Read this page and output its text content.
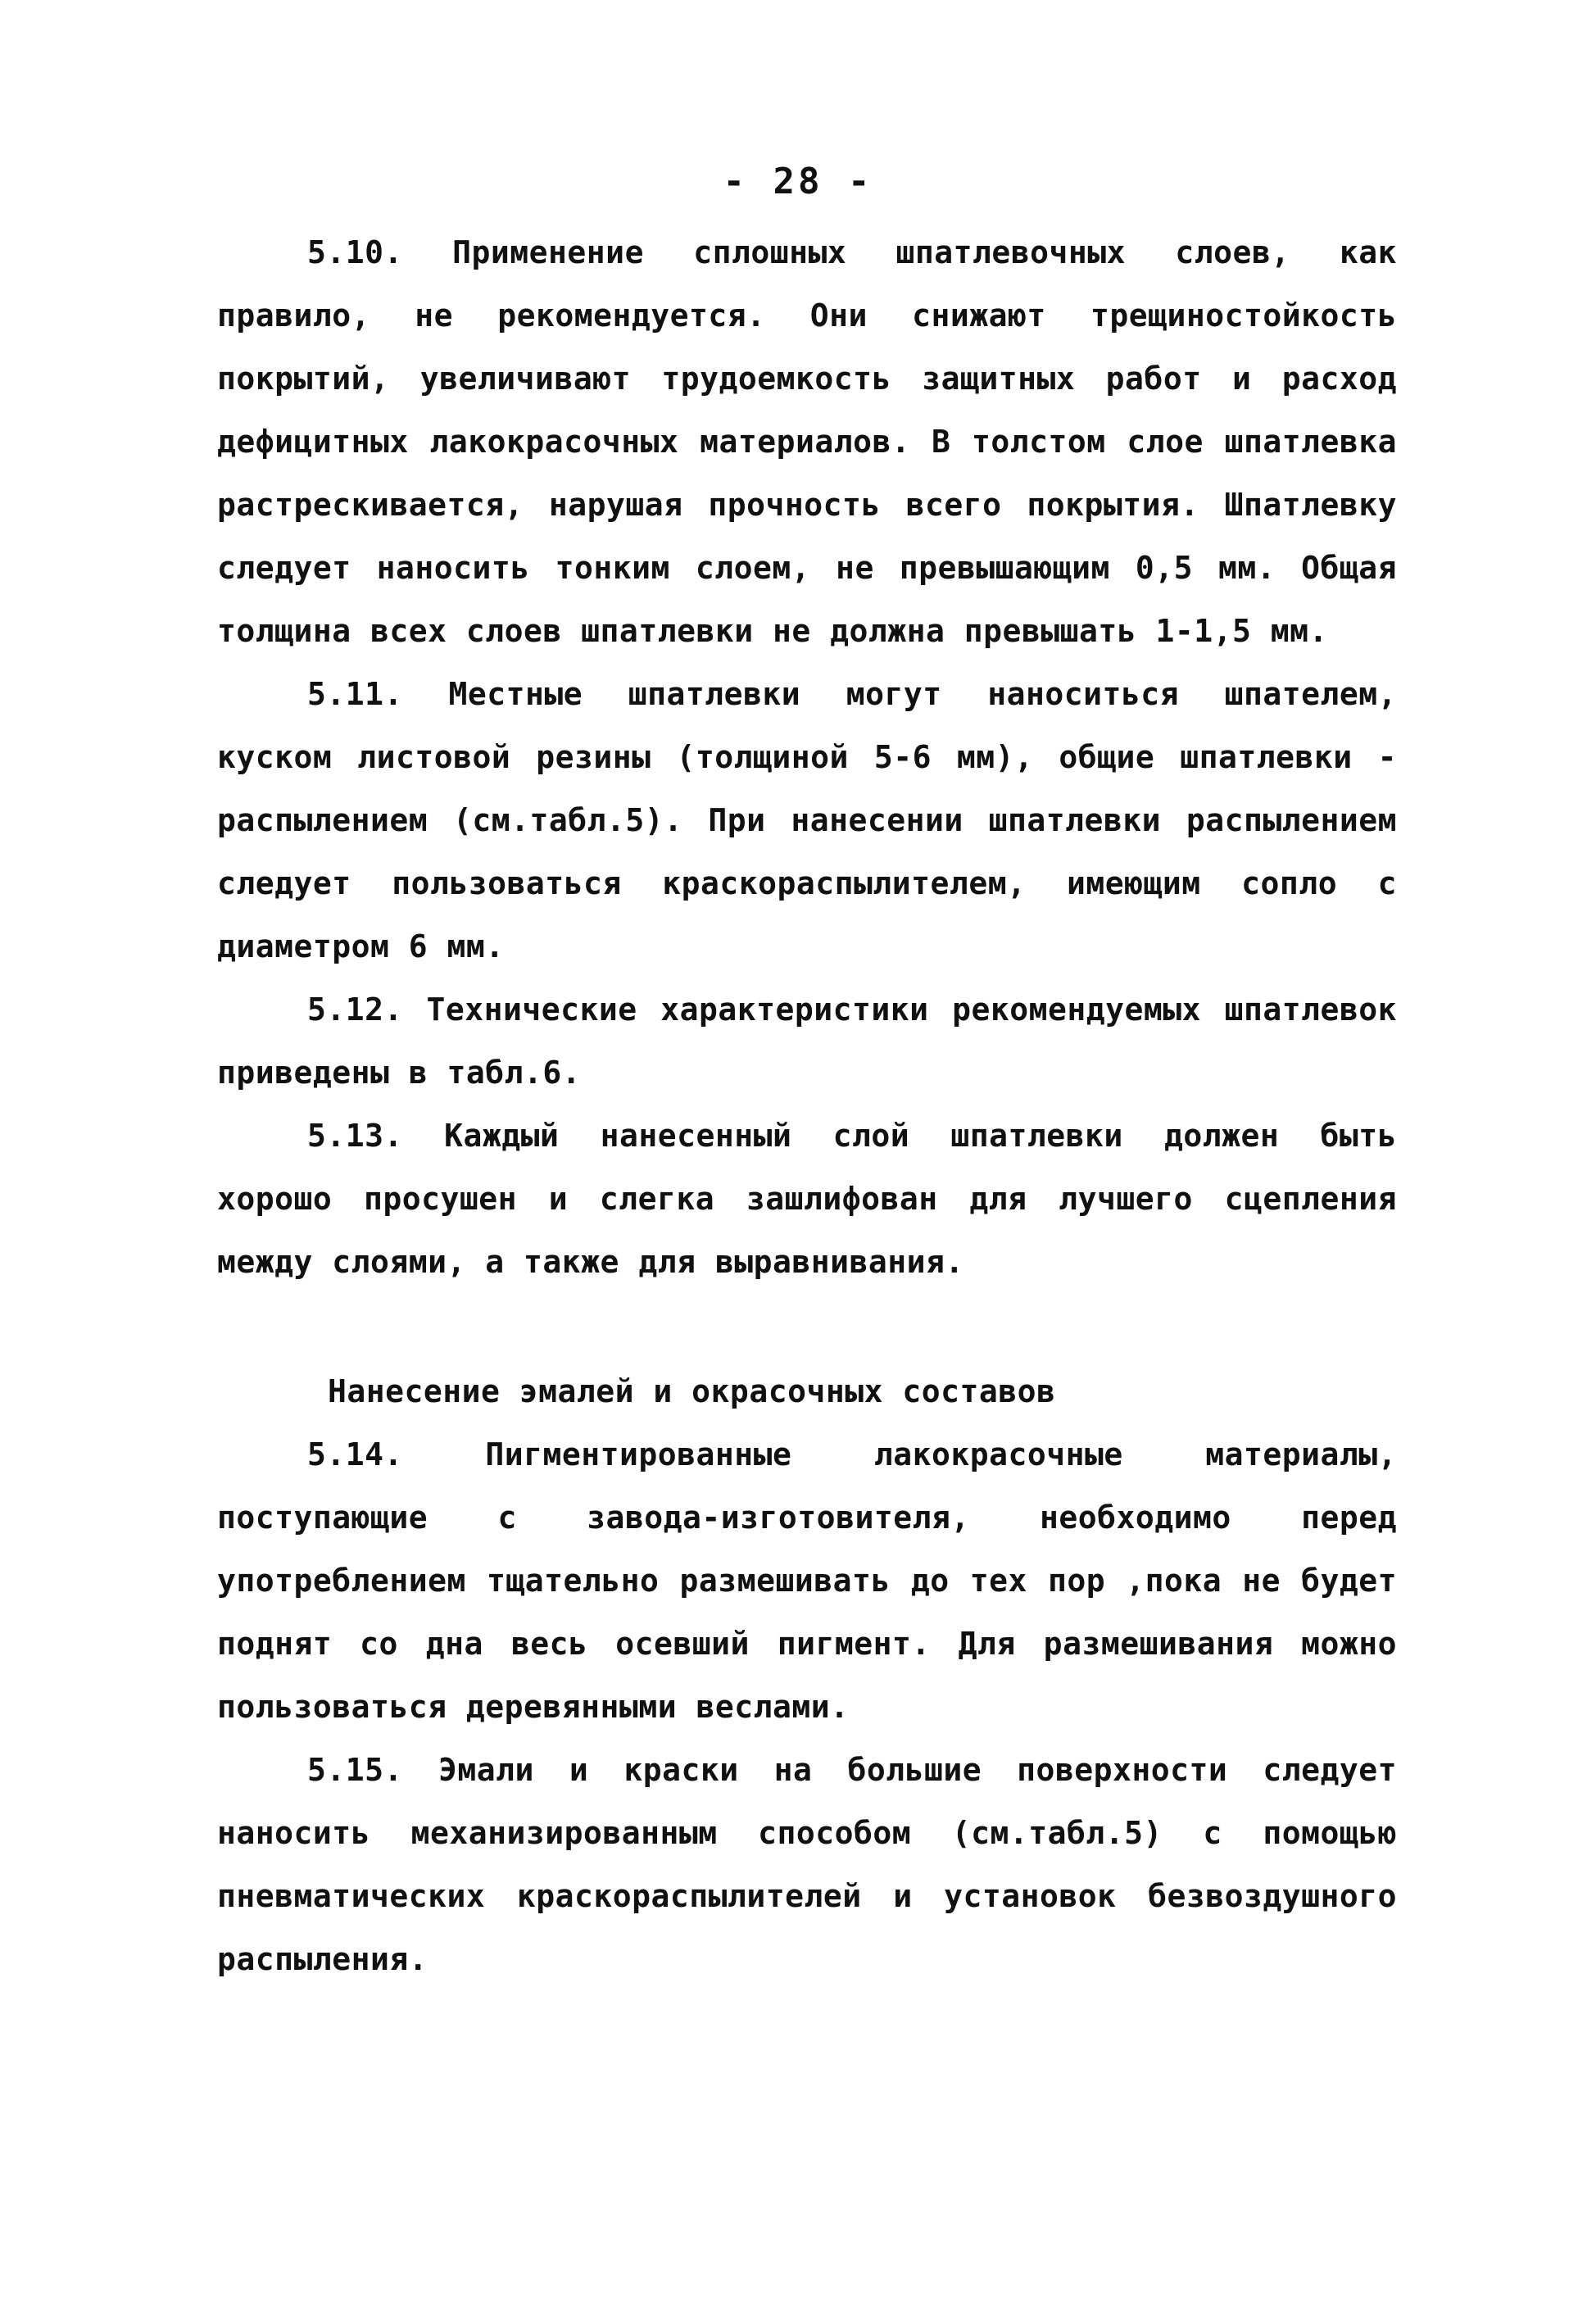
- 28 -

5.10. Применение сплошных шпатлевочных слоев, как правило, не рекомендуется. Они снижают трещиностойкость покрытий, увеличивают трудоемкость защитных работ и расход дефицитных лакокрасочных материалов. В толстом слое шпатлевка растрескивается, нарушая прочность всего покрытия. Шпатлевку следует наносить тонким слоем, не превышающим 0,5 мм. Общая толщина всех слоев шпатлевки не должна превышать 1-1,5 мм.

5.11. Местные шпатлевки могут наноситься шпателем, куском листовой резины (толщиной 5-6 мм), общие шпатлевки - распылением (см.табл.5). При нанесении шпатлевки распылением следует пользоваться краскораспылителем, имеющим сопло с диаметром 6 мм.

5.12. Технические характеристики рекомендуемых шпатлевок приведены в табл.6.

5.13. Каждый нанесенный слой шпатлевки должен быть хорошо просушен и слегка зашлифован для лучшего сцепления между слоями, а также для выравнивания.

Нанесение эмалей и окрасочных составов

5.14. Пигментированные лакокрасочные материалы, поступающие с завода-изготовителя, необходимо перед употреблением тщательно размешивать до тех пор ,пока не будет поднят со дна весь осевший пигмент. Для размешивания можно пользоваться деревянными веслами.

5.15. Эмали и краски на большие поверхности следует наносить механизированным способом (см.табл.5) с помощью пневматических краскораспылителей и установок безвоздушного распыления.
